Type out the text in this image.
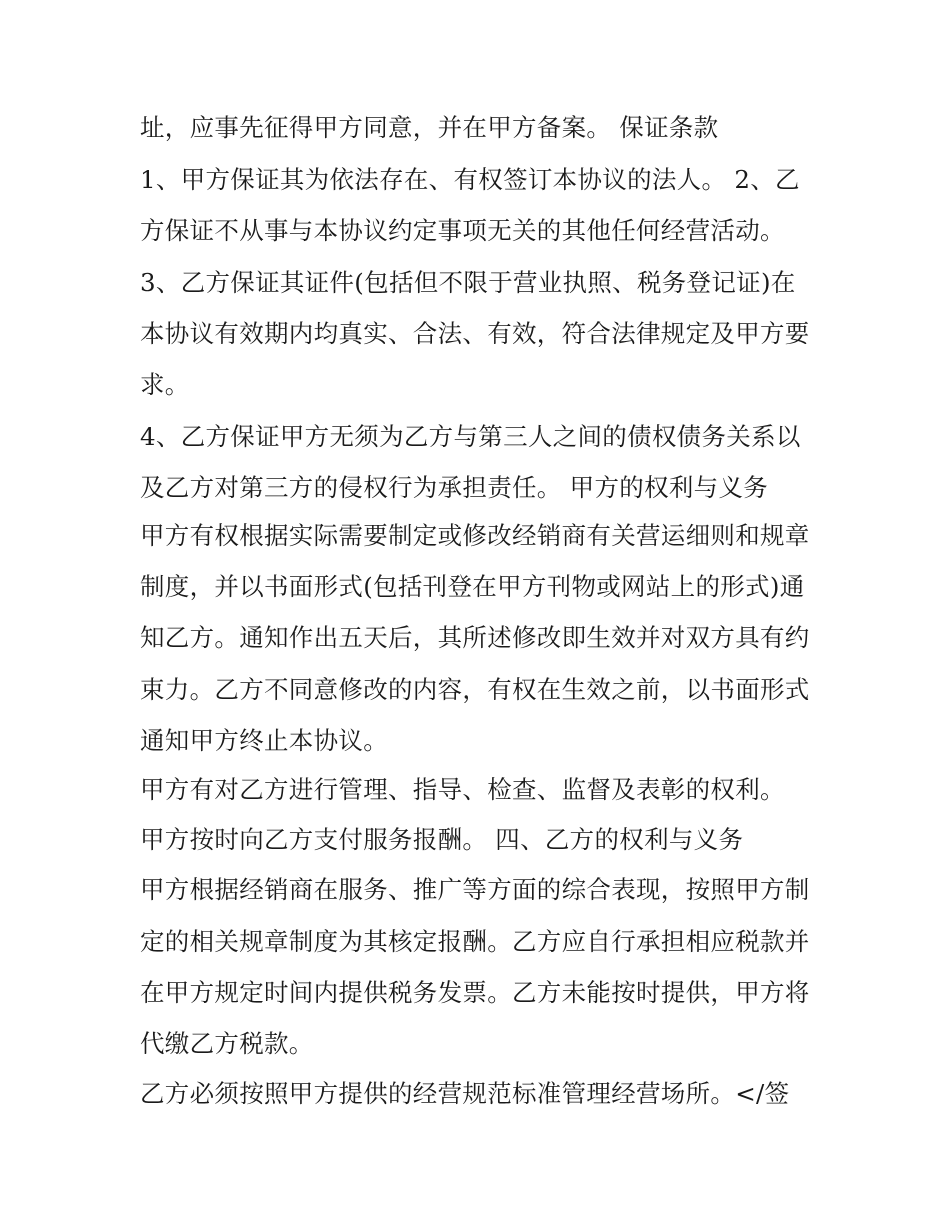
址，应事先征得甲方同意，并在甲方备案。 保证条款
1、甲方保证其为依法存在、有权签订本协议的法人。 2、乙
方保证不从事与本协议约定事项无关的其他任何经营活动。
3、乙方保证其证件(包括但不限于营业执照、税务登记证)在
本协议有效期内均真实、合法、有效，符合法律规定及甲方要
求。
4、乙方保证甲方无须为乙方与第三人之间的债权债务关系以
及乙方对第三方的侵权行为承担责任。 甲方的权利与义务
甲方有权根据实际需要制定或修改经销商有关营运细则和规章
制度，并以书面形式(包括刊登在甲方刊物或网站上的形式)通
知乙方。通知作出五天后，其所述修改即生效并对双方具有约
束力。乙方不同意修改的内容，有权在生效之前，以书面形式
通知甲方终止本协议。
甲方有对乙方进行管理、指导、检查、监督及表彰的权利。
甲方按时向乙方支付服务报酬。 四、乙方的权利与义务
甲方根据经销商在服务、推广等方面的综合表现，按照甲方制
定的相关规章制度为其核定报酬。乙方应自行承担相应税款并
在甲方规定时间内提供税务发票。乙方未能按时提供，甲方将
代缴乙方税款。
乙方必须按照甲方提供的经营规范标准管理经营场所。</签
